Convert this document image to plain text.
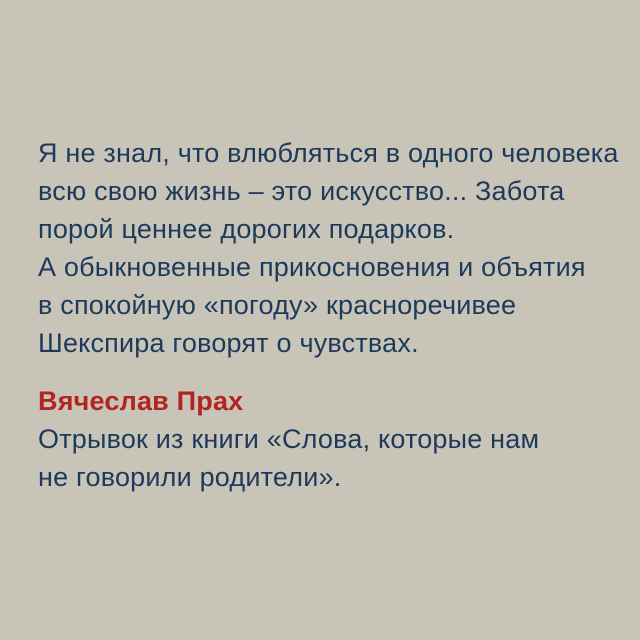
Я не знал, что влюбляться в одного человека
всю свою жизнь – это искусство... Забота
порой ценнее дорогих подарков.
А обыкновенные прикосновения и объятия
в спокойную «погоду» красноречивее
Шекспира говорят о чувствах.
Вячеслав Прах
Отрывок из книги «Слова, которые нам
не говорили родители».
